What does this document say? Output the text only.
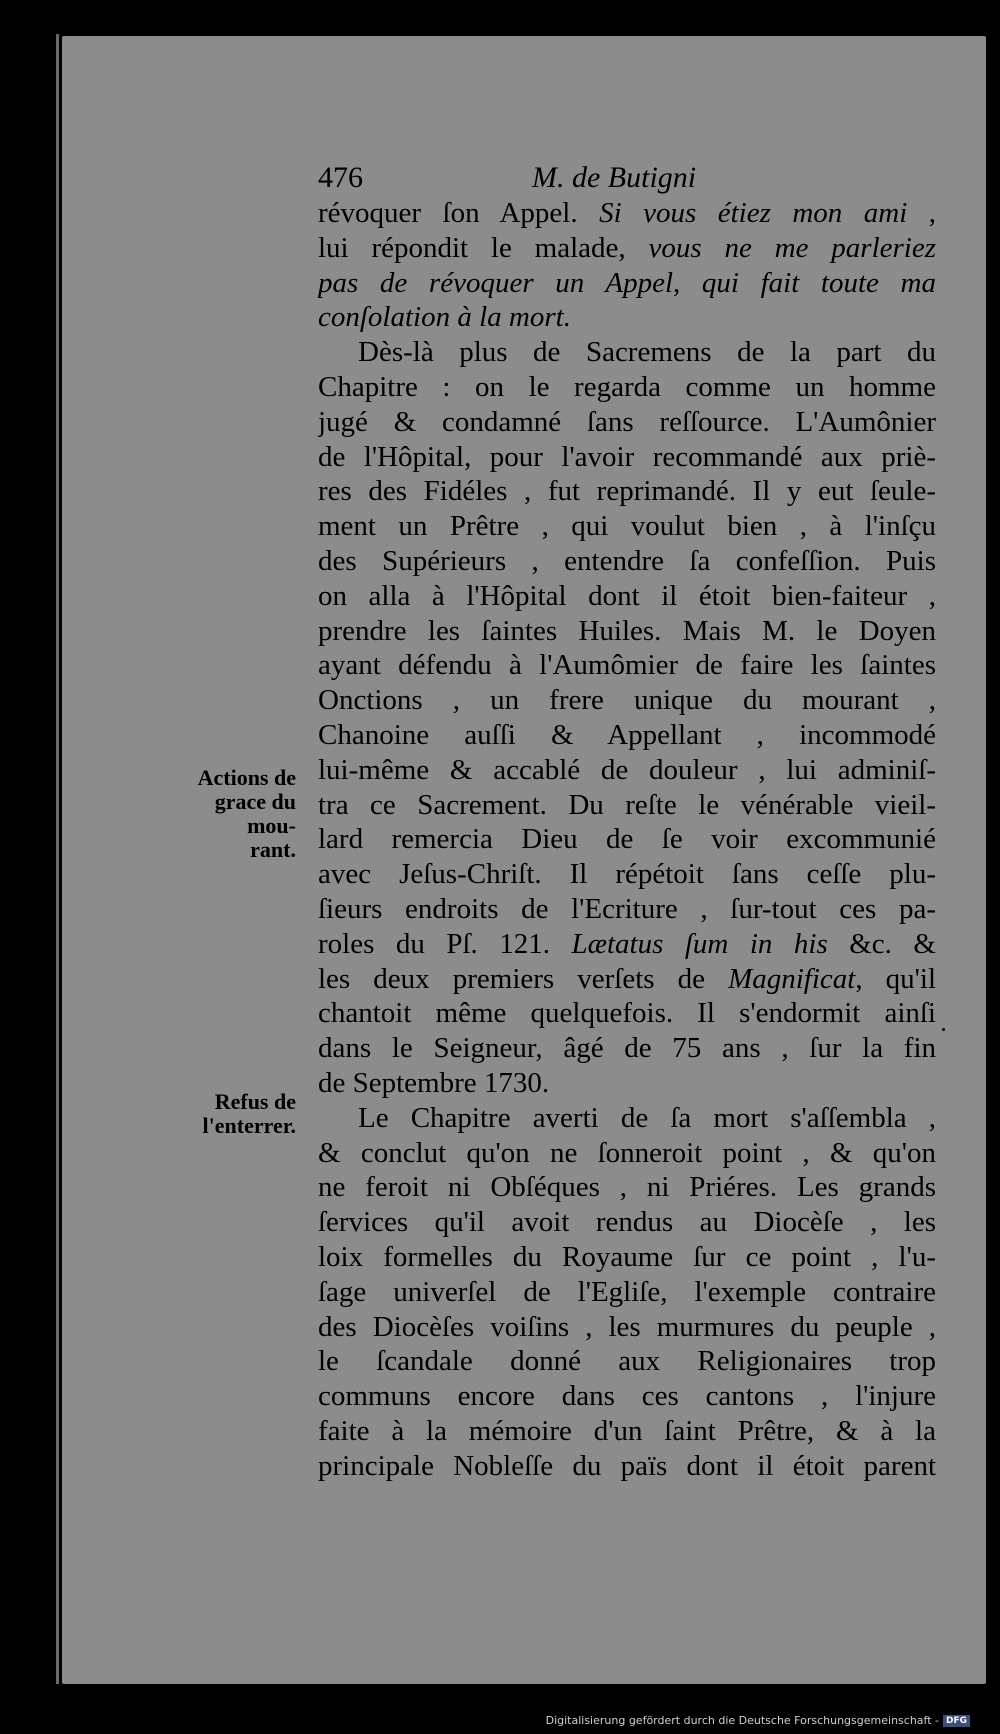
476	M. de Butigni
révoquer ſon Appel. Si vous étiez mon ami ,
lui répondit le malade, vous ne me parleriez
pas de révoquer un Appel, qui fait toute ma
conſolation à la mort.
Dès-là plus de Sacremens de la part du
Chapitre : on le regarda comme un homme
jugé & condamné ſans reſſource. L'Aumônier
de l'Hôpital, pour l'avoir recommandé aux priè-
res des Fidéles , fut reprimandé. Il y eut ſeule-
ment un Prêtre , qui voulut bien , à l'inſçu
des Supérieurs , entendre ſa confeſſion. Puis
on alla à l'Hôpital dont il étoit bien-faiteur ,
prendre les ſaintes Huiles. Mais M. le Doyen
ayant défendu à l'Aumômier de faire les ſaintes
Onctions , un frere unique du mourant ,
Chanoine auſſi & Appellant , incommodé
lui-même & accablé de douleur , lui adminiſ-
tra ce Sacrement. Du reſte le vénérable vieil-
lard remercia Dieu de ſe voir excommunié
avec Jeſus-Chriſt. Il répétoit ſans ceſſe plu-
ſieurs endroits de l'Ecriture , ſur-tout ces pa-
roles du Pſ. 121. Lætatus ſum in his &c. &
les deux premiers verſets de Magnificat, qu'il
chantoit même quelquefois. Il s'endormit ainſi
dans le Seigneur, âgé de 75 ans , ſur la fin
de Septembre 1730.
Le Chapitre averti de ſa mort s'aſſembla ,
& conclut qu'on ne ſonneroit point , & qu'on
ne feroit ni Obſéques , ni Priéres. Les grands
ſervices qu'il avoit rendus au Diocèſe , les
loix formelles du Royaume ſur ce point , l'u-
ſage univerſel de l'Egliſe, l'exemple contraire
des Diocèſes voiſins , les murmures du peuple ,
le ſcandale donné aux Religionaires trop
communs encore dans ces cantons , l'injure
faite à la mémoire d'un ſaint Prêtre, & à la
principale Nobleſſe du païs dont il étoit parent
Actions de
grace du mou-
rant.
Refus de
l'enterrer.
Digitalisierung gefördert durch die Deutsche Forschungsgemeinschaft - DFG
